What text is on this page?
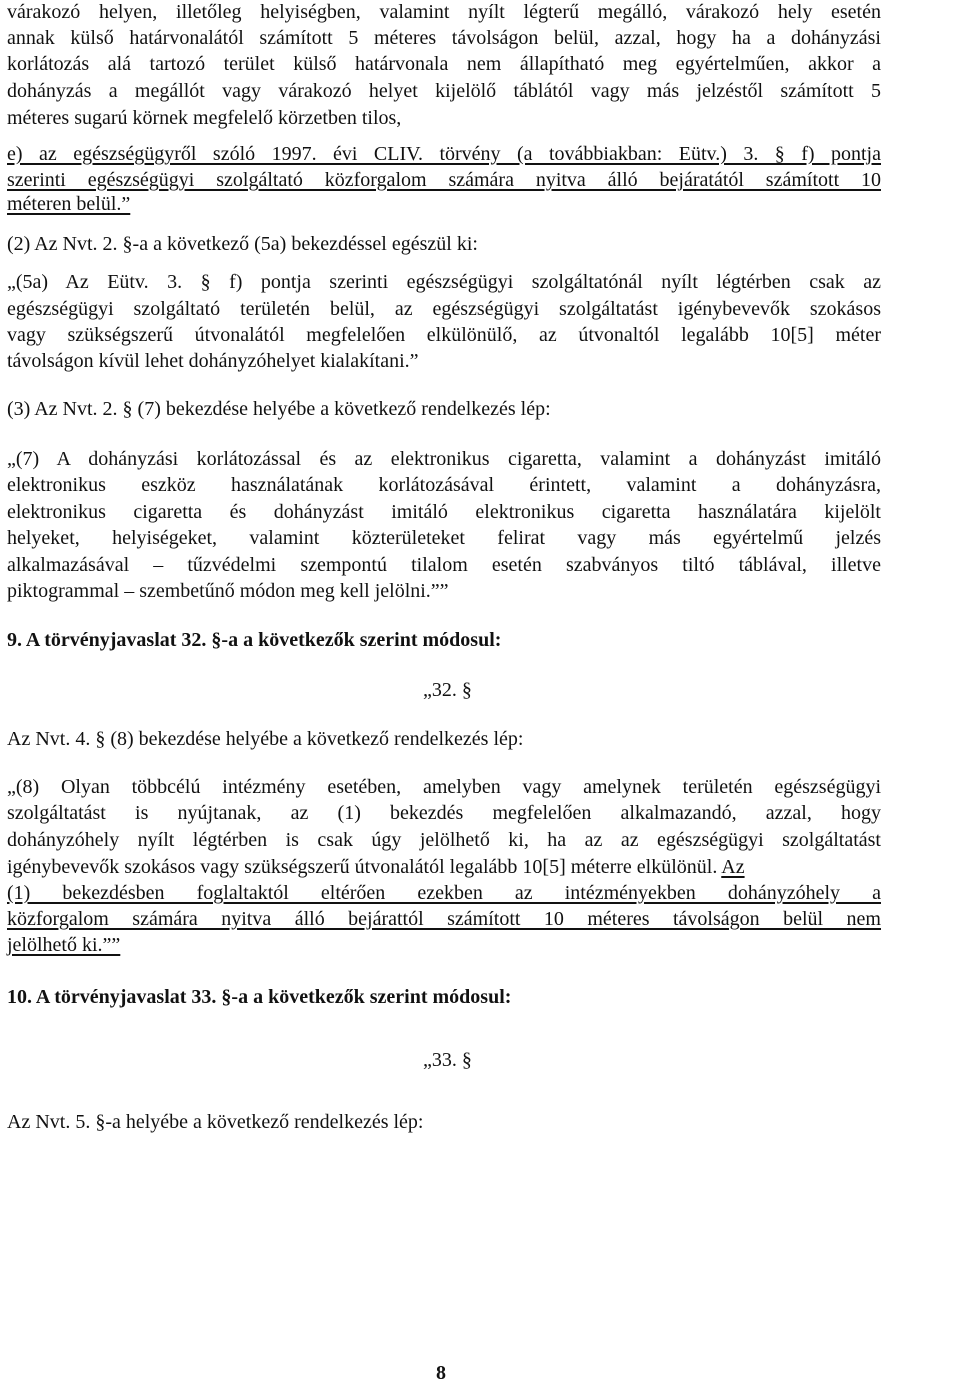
várakozó helyen, illetőleg helyiségben, valamint nyílt légterű megálló, várakozó hely esetén
annak külső határvonalától számított 5 méteres távolságon belül, azzal, hogy ha a dohányzási
korlátozás alá tartozó terület külső határvonala nem állapítható meg egyértelműen, akkor a
dohányzás a megállót vagy várakozó helyet kijelölő táblától vagy más jelzéstől számított 5
méteres sugarú körnek megfelelő körzetben tilos,
e) az egészségügyről szóló 1997. évi CLIV. törvény (a továbbiakban: Eütv.) 3. § f) pontja
szerinti egészségügyi szolgáltató közforgalom számára nyitva álló bejáratától számított 10
méteren belül.”
(2) Az Nvt. 2. §-a a következő (5a) bekezdéssel egészül ki:
„(5a) Az Eütv. 3. § f) pontja szerinti egészségügyi szolgáltatónál nyílt légtérben csak az
egészségügyi szolgáltató területén belül, az egészségügyi szolgáltatást igénybevevők szokásos
vagy szükségszerű útvonalától megfelelően elkülönülő, az útvonaltól legalább 10[5] méter
távolságon kívül lehet dohányzóhelyet kialakítani.”
(3) Az Nvt. 2. § (7) bekezdése helyébe a következő rendelkezés lép:
„(7) A dohányzási korlátozással és az elektronikus cigaretta, valamint a dohányzást imitáló
elektronikus eszköz használatának korlátozásával érintett, valamint a dohányzásra,
elektronikus cigaretta és dohányzást imitáló elektronikus cigaretta használatára kijelölt
helyeket, helyiségeket, valamint közterületeket felirat vagy más egyértelmű jelzés
alkalmazásával – tűzvédelmi szempontú tilalom esetén szabványos tiltó táblával, illetve
piktogrammal – szembetűnő módon meg kell jelölni.””
9. A törvényjavaslat 32. §-a a következők szerint módosul:
„32. §
Az Nvt. 4. § (8) bekezdése helyébe a következő rendelkezés lép:
„(8) Olyan többcélú intézmény esetében, amelyben vagy amelynek területén egészségügyi
szolgáltatást is nyújtanak, az (1) bekezdés megfelelően alkalmazandó, azzal, hogy
dohányzóhely nyílt légtérben is csak úgy jelölhető ki, ha az az egészségügyi szolgáltatást
igénybevevők szokásos vagy szükségszerű útvonalától legalább 10[5] méterre elkülönül. Az
(1) bekezdésben foglaltaktól eltérően ezekben az intézményekben dohányzóhely a
közforgalom számára nyitva álló bejárattól számított 10 méteres távolságon belül nem
jelölhető ki.””
10. A törvényjavaslat 33. §-a a következők szerint módosul:
„33. §
Az Nvt. 5. §-a helyébe a következő rendelkezés lép:
8
